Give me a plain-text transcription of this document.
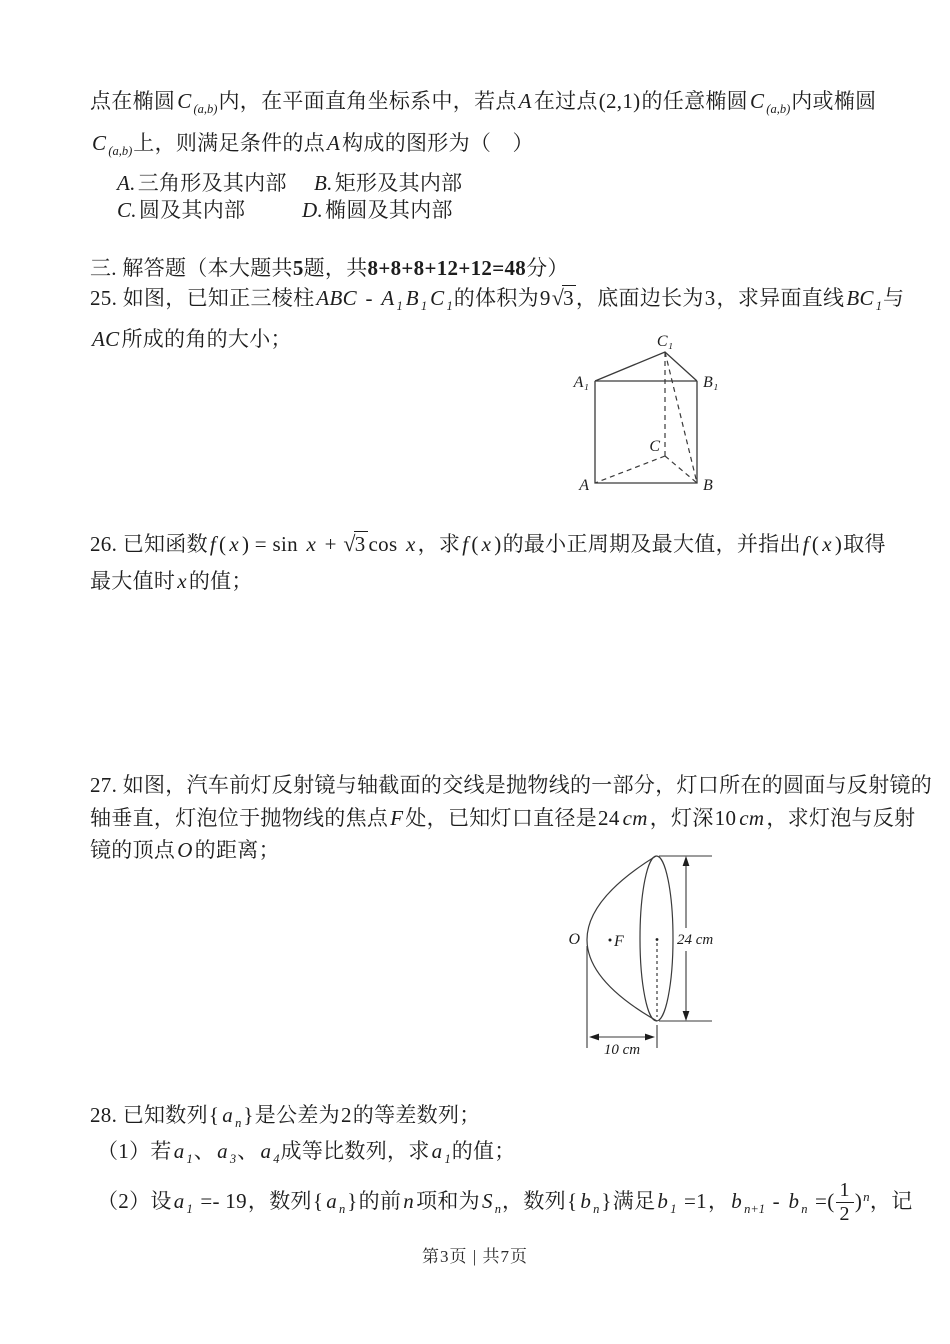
点在椭圆C $_{(a,b)}$内，在平面直角坐标系中，若点A在过点(2,1)的任意椭圆C $_{(a,b)}$内或椭圆
C $_{(a,b)}$上，则满足条件的点A构成的图形为（　）
A.三角形及其内部 B.矩形及其内部
C.圆及其内部	D.椭圆及其内部
三. 解答题（本大题共5题，共8+8+8+12+12=48分）
25. 如图，已知正三棱柱ABC - A $_1$ B $_1$ C $_1$的体积为9√3，底面边长为3，求异面直线BC $_1$与
AC所成的角的大小；	C₁
A₁	B₁
A	B
C
26. 已知函数f ( x ) = sin x + √3 cos x，求f ( x )的最小正周期及最大值，并指出f ( x )取得
最大值时x的值；
27. 如图，汽车前灯反射镜与轴截面的交线是抛物线的一部分，灯口所在的圆面与反射镜的
轴垂直，灯泡位于抛物线的焦点F处，已知灯口直径是24 cm，灯深10 cm，求灯泡与反射
镜的顶点O的距离；
O F	24 cm
10 cm
28. 已知数列{ a $_n$}是公差为2的等差数列；
（1）若a $_1$、a $_3$、a $_4$成等比数列，求a $_1$的值；
（2）设a $_1$ =- 19，数列{ a $_n$}的前n项和为S $_n$，数列{ b $_n$}满足b $_1$ =1，b $_{n+1}$ - b $_n$ =( $\frac{1}{2} )^n$，记
第3页 | 共7页
